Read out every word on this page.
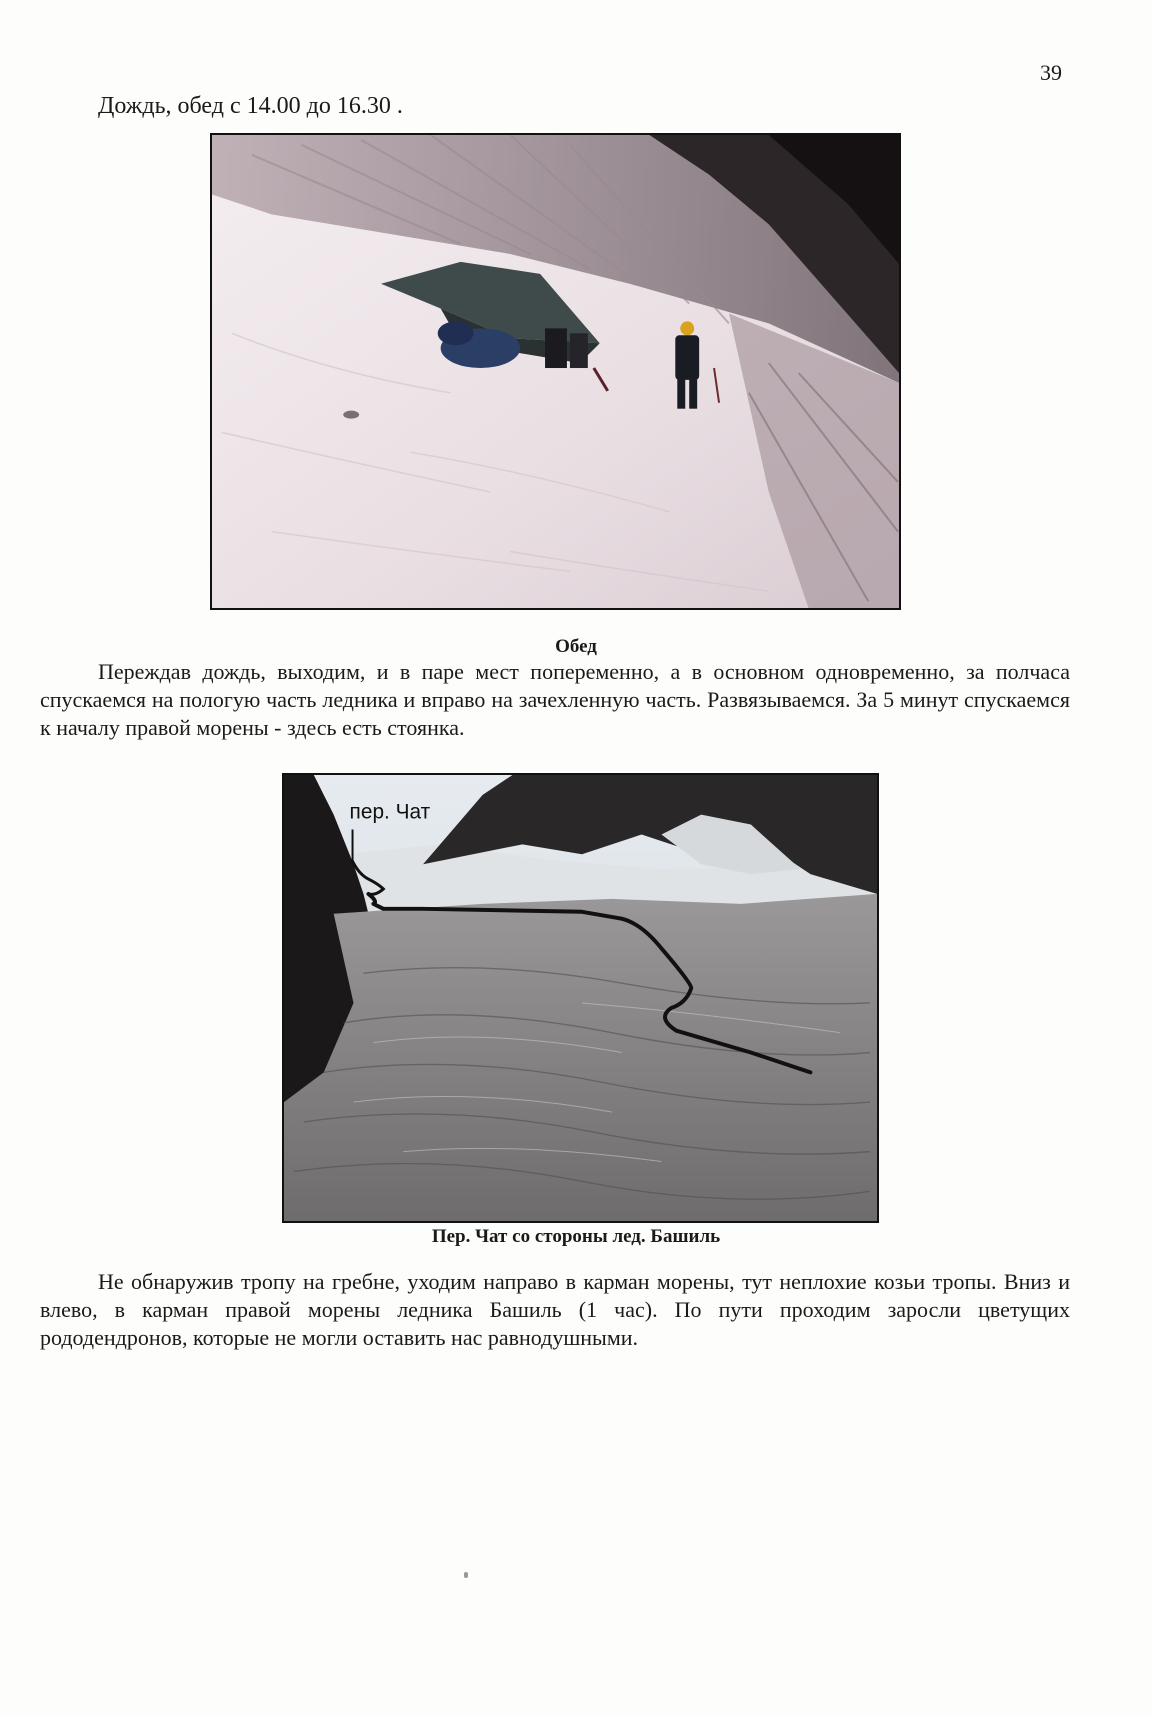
39

Дождь, обед с 14.00 до 16.30 .

Обед

Переждав дождь, выходим, и в паре мест попеременно, а в основном одновременно, за полчаса спускаемся на пологую часть ледника и вправо на зачехленную часть. Развязываемся. За 5 минут спускаемся к началу правой морены - здесь есть стоянка.

пер. Чат

Пер. Чат со стороны лед. Башиль

Не обнаружив тропу на гребне, уходим направо в карман морены, тут неплохие козьи тропы. Вниз и влево, в карман правой морены ледника Башиль (1 час). По пути проходим заросли цветущих рододендронов, которые не могли оставить нас равнодушными.
